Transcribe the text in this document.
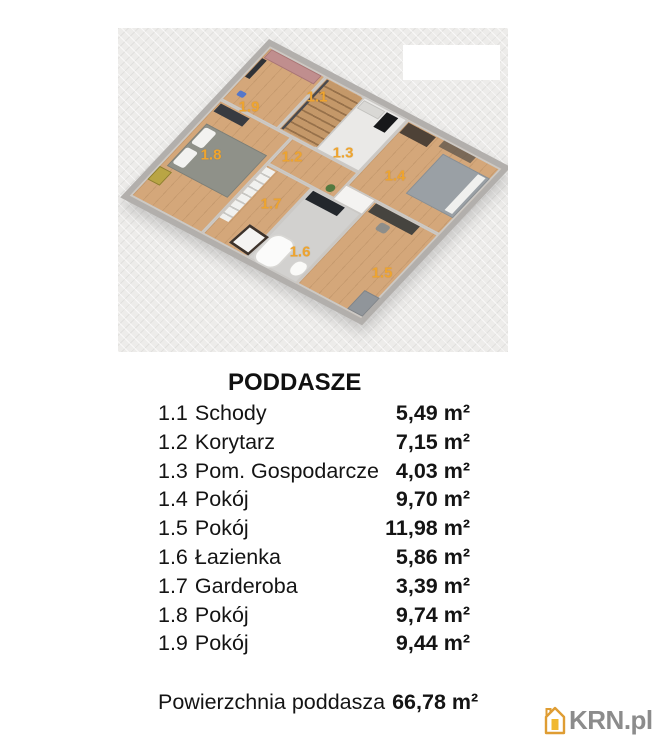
1.1
1.2 1.3
1.4
1.5
1.6
1.7
1.8
1.9
PODDASZE
1.1 Schody	5,49 m²
1.2 Korytarz	7,15 m²
1.3 Pom. Gospodarcze 4,03 m²
1.4 Pokój	9,70 m²
1.5 Pokój	11,98 m²
1.6 Łazienka	5,86 m²
1.7 Garderoba	3,39 m²
1.8 Pokój	9,74 m²
1.9 Pokój	9,44 m²
Powierzchnia poddasza 66,78 m²
KRN.pl
